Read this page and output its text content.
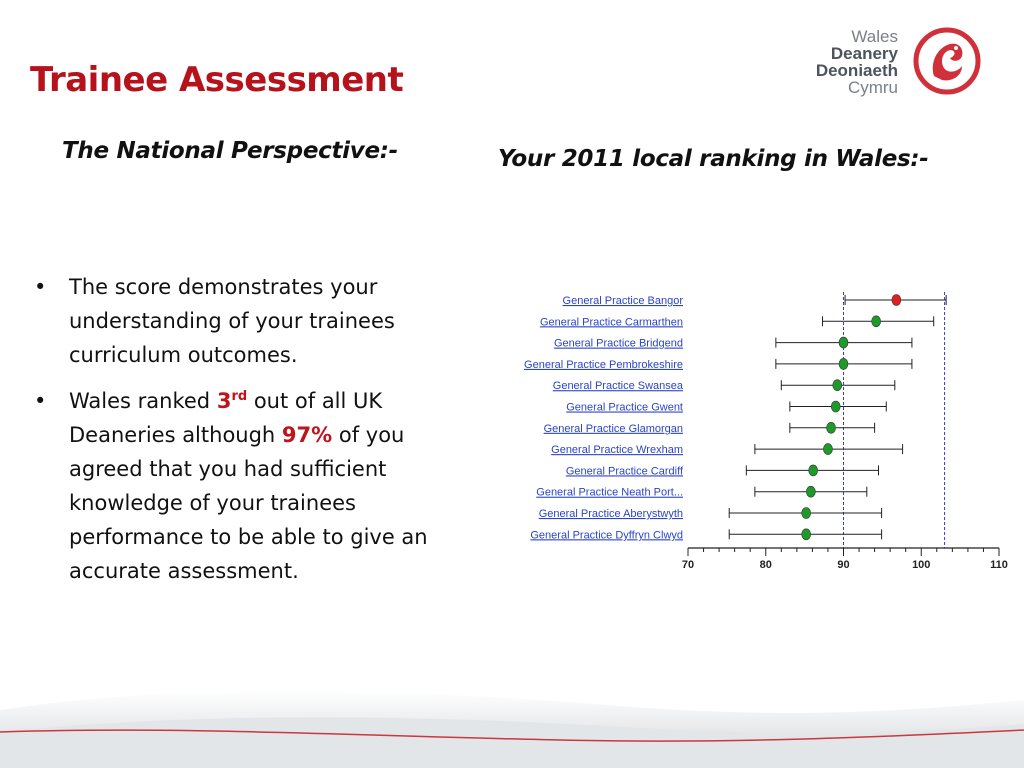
Trainee Assessment
Wales
Deanery
Deoniaeth
Cymru
The National Perspective:-	Your 2011 local ranking in Wales:-
• The score demonstrates your understanding of your trainees curriculum outcomes.
• Wales ranked 3rd out of all UK Deaneries although 97% of you agreed that you had sufficient knowledge of your trainees performance to be able to give an accurate assessment.
General Practice Bangor
General Practice Carmarthen
General Practice Bridgend
General Practice Pembrokeshire
General Practice Swansea
General Practice Gwent
General Practice Glamorgan
General Practice Wrexham
General Practice Cardiff
General Practice Neath Port...
General Practice Aberystwyth
General Practice Dyffryn Clwyd
70	80	90	100	110
